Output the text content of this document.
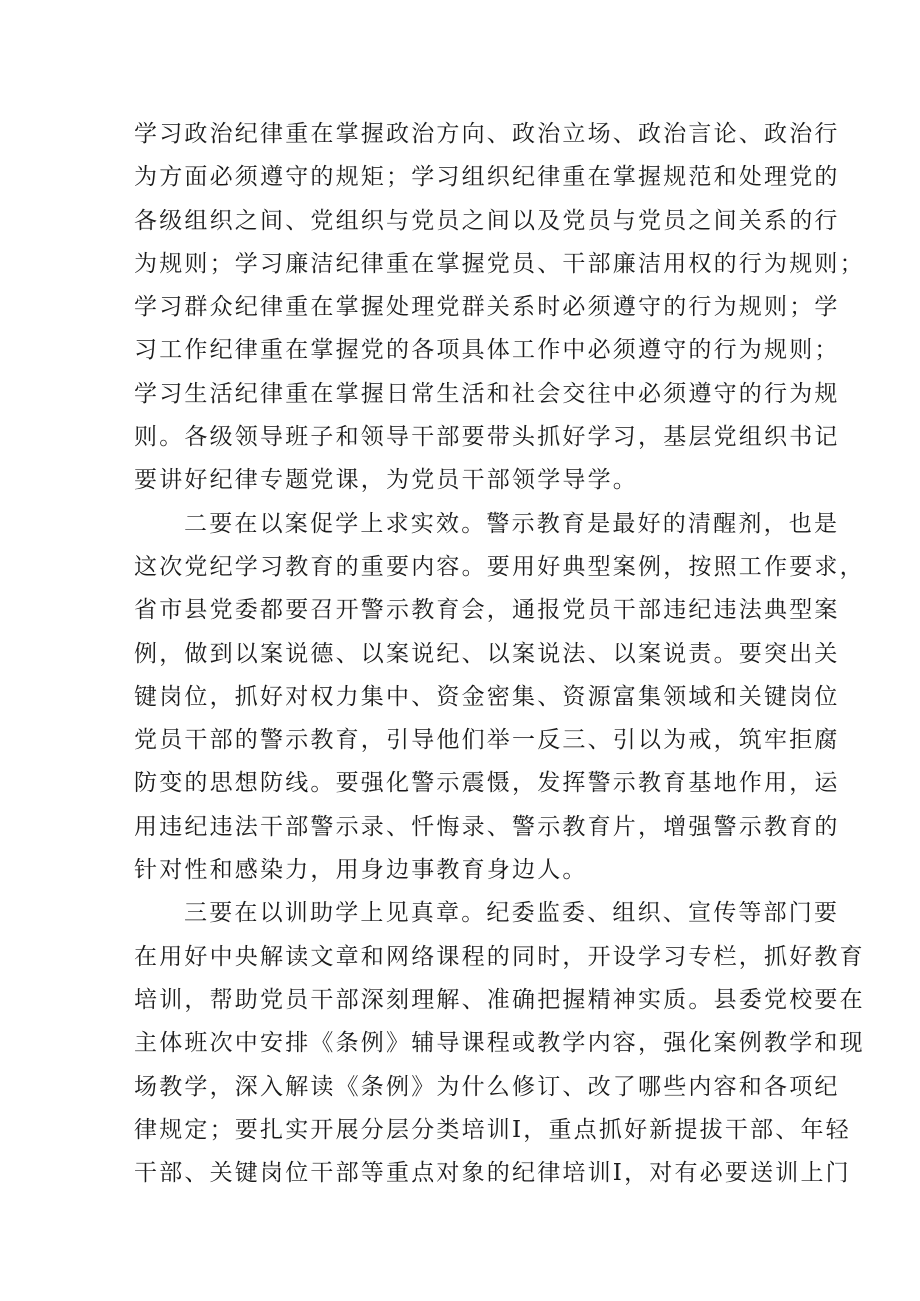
学习政治纪律重在掌握政治方向、政治立场、政治言论、政治行
为方面必须遵守的规矩；学习组织纪律重在掌握规范和处理党的
各级组织之间、党组织与党员之间以及党员与党员之间关系的行
为规则；学习廉洁纪律重在掌握党员、干部廉洁用权的行为规则；
学习群众纪律重在掌握处理党群关系时必须遵守的行为规则；学
习工作纪律重在掌握党的各项具体工作中必须遵守的行为规则；
学习生活纪律重在掌握日常生活和社会交往中必须遵守的行为规
则。各级领导班子和领导干部要带头抓好学习，基层党组织书记
要讲好纪律专题党课，为党员干部领学导学。
二要在以案促学上求实效。警示教育是最好的清醒剂，也是
这次党纪学习教育的重要内容。要用好典型案例，按照工作要求，
省市县党委都要召开警示教育会，通报党员干部违纪违法典型案
例，做到以案说德、以案说纪、以案说法、以案说责。要突出关
键岗位，抓好对权力集中、资金密集、资源富集领域和关键岗位
党员干部的警示教育，引导他们举一反三、引以为戒，筑牢拒腐
防变的思想防线。要强化警示震慑，发挥警示教育基地作用，运
用违纪违法干部警示录、忏悔录、警示教育片，增强警示教育的
针对性和感染力，用身边事教育身边人。
三要在以训助学上见真章。纪委监委、组织、宣传等部门要
在用好中央解读文章和网络课程的同时，开设学习专栏，抓好教育
培训，帮助党员干部深刻理解、准确把握精神实质。县委党校要在
主体班次中安排《条例》辅导课程或教学内容，强化案例教学和现
场教学，深入解读《条例》为什么修订、改了哪些内容和各项纪
律规定；要扎实开展分层分类培训I，重点抓好新提拔干部、年轻
干部、关键岗位干部等重点对象的纪律培训I，对有必要送训上门
